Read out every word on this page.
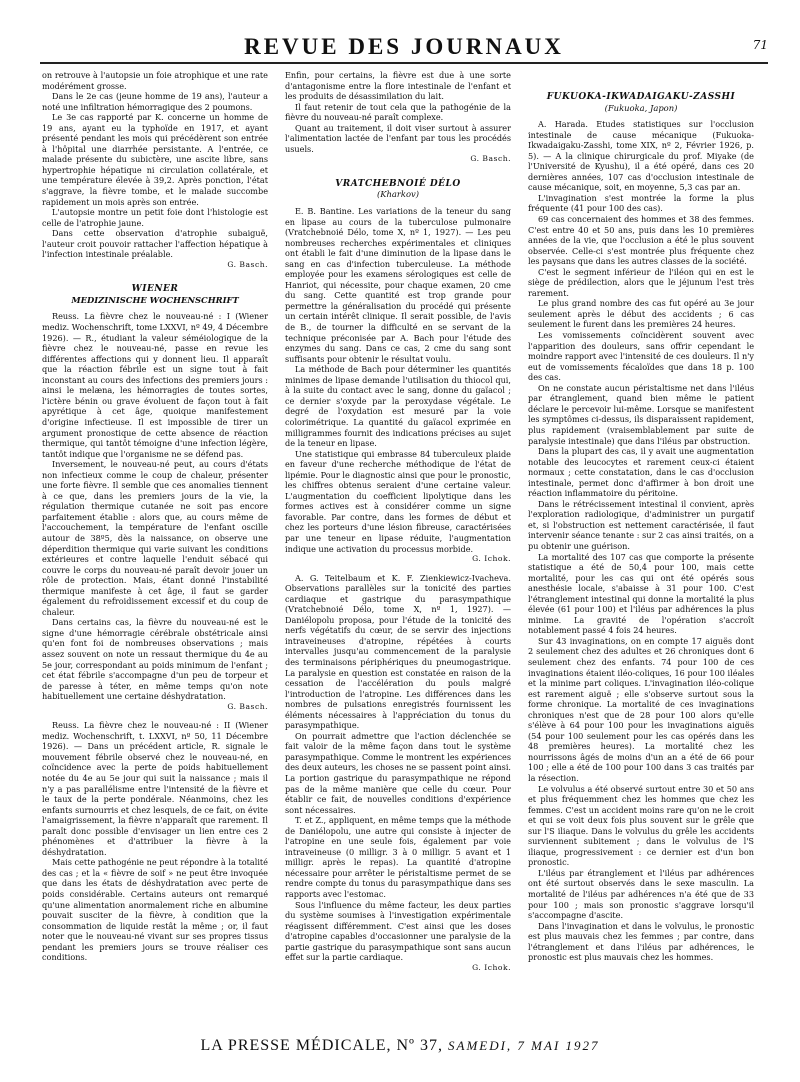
REVUE DES JOURNAUX	71

on retrouve à l'autopsie un foie atrophique et une rate modérément grosse.

Dans le 2e cas (jeune homme de 19 ans), l'auteur a noté une infiltration hémorragique des 2 poumons.

Le 3e cas rapporté par K. concerne un homme de 19 ans, ayant eu la typhoïde en 1917, et ayant présenté pendant les mois qui précédèrent son entrée à l'hôpital une diarrhée persistante. A l'entrée, ce malade présente du subictère, une ascite libre, sans hypertrophie hépatique ni circulation collatérale, et une température élevée à 39,2. Après ponction, l'état s'aggrave, la fièvre tombe, et le malade succombe rapidement un mois après son entrée.

L'autopsie montre un petit foie dont l'histologie est celle de l'atrophie jaune.

Dans cette observation d'atrophie subaiguë, l'auteur croit pouvoir rattacher l'affection hépatique à l'infection intestinale préalable.

G. Basch.
WIENER
MEDIZINISCHE WOCHENSCHRIFT

Reuss. La fièvre chez le nouveau-né : I (Wiener mediz. Wochenschrift, tome LXXVI, nº 49, 4 Décembre 1926). — R., étudiant la valeur séméiologique de la fièvre chez le nouveau-né, passe en revue les différentes affections qui y donnent lieu. Il apparaît que la réaction fébrile est un signe tout à fait inconstant au cours des infections des premiers jours : ainsi le melæna, les hémorragies de toutes sortes, l'ictère bénin ou grave évoluent de façon tout à fait apyrétique à cet âge, quoique manifestement d'origine infectieuse. Il est impossible de tirer un argument pronostique de cette absence de réaction thermique, qui tantôt témoigne d'une infection légère, tantôt indique que l'organisme ne se défend pas.

Inversement, le nouveau-né peut, au cours d'états non infectieux comme le coup de chaleur, présenter une forte fièvre. Il semble que ces anomalies tiennent à ce que, dans les premiers jours de la vie, la régulation thermique cutanée ne soit pas encore parfaitement établie : alors que, au cours même de l'accouchement, la température de l'enfant oscille autour de 38º5, dès la naissance, on observe une déperdition thermique qui varie suivant les conditions extérieures et contre laquelle l'enduit sébacé qui couvre le corps du nouveau-né paraît devoir jouer un rôle de protection. Mais, étant donné l'instabilité thermique manifeste à cet âge, il faut se garder également du refroidissement excessif et du coup de chaleur.

Dans certains cas, la fièvre du nouveau-né est le signe d'une hémorragie cérébrale obstétricale ainsi qu'en font foi de nombreuses observations ; mais assez souvent on note un ressaut thermique du 4e au 5e jour, correspondant au poids minimum de l'enfant ; cet état fébrile s'accompagne d'un peu de torpeur et de paresse à téter, en même temps qu'on note habituellement une certaine déshydratation.

G. Basch.

Reuss. La fièvre chez le nouveau-né : II (Wiener mediz. Wochenschrift, t. LXXVI, nº 50, 11 Décembre 1926). — Dans un précédent article, R. signale le mouvement fébrile observé chez le nouveau-né, en coïncidence avec la perte de poids habituellement notée du 4e au 5e jour qui suit la naissance ; mais il n'y a pas parallélisme entre l'intensité de la fièvre et le taux de la perte pondérale. Néanmoins, chez les enfants surnourris et chez lesquels, de ce fait, on évite l'amaigrissement, la fièvre n'apparaît que rarement. Il paraît donc possible d'envisager un lien entre ces 2 phénomènes et d'attribuer la fièvre à la déshydratation.

Mais cette pathogénie ne peut répondre à la totalité des cas ; et la « fièvre de soif » ne peut être invoquée que dans les états de déshydratation avec perte de poids considérable. Certains auteurs ont remarqué qu'une alimentation anormalement riche en albumine pouvait susciter de la fièvre, à condition que la consommation de liquide restât la même ; or, il faut noter que le nouveau-né vivant sur ses propres tissus pendant les premiers jours se trouve réaliser ces conditions.

Enfin, pour certains, la fièvre est due à une sorte d'antagonisme entre la flore intestinale de l'enfant et les produits de désassimilation du lait.

Il faut retenir de tout cela que la pathogénie de la fièvre du nouveau-né paraît complexe.

Quant au traitement, il doit viser surtout à assurer l'alimentation lactée de l'enfant par tous les procédés usuels.

G. Basch.
VRATCHEBNOIÉ DÉLO
(Kharkov)

E. B. Bantine. Les variations de la teneur du sang en lipase au cours de la tuberculose pulmonaire (Vratchebnoié Délo, tome X, nº 1, 1927). — Les peu nombreuses recherches expérimentales et cliniques ont établi le fait d'une diminution de la lipase dans le sang en cas d'infection tuberculeuse. La méthode employée pour les examens sérologiques est celle de Hanriot, qui nécessite, pour chaque examen, 20 cme du sang. Cette quantité est trop grande pour permettre la généralisation du procédé qui présente un certain intérêt clinique. Il serait possible, de l'avis de B., de tourner la difficulté en se servant de la technique préconisée par A. Bach pour l'étude des enzymes du sang. Dans ce cas, 2 cme du sang sont suffisants pour obtenir le résultat voulu.

La méthode de Bach pour déterminer les quantités minimes de lipase demande l'utilisation du thiocol qui, à la suite du contact avec le sang, donne du gaïacol ; ce dernier s'oxyde par la peroxydase végétale. Le degré de l'oxydation est mesuré par la voie colorimétrique. La quantité du gaïacol exprimée en milligrammes fournit des indications précises au sujet de la teneur en lipase.

Une statistique qui embrasse 84 tuberculeux plaide en faveur d'une recherche méthodique de l'état de lipémie. Pour le diagnostic ainsi que pour le pronostic, les chiffres obtenus seraient d'une certaine valeur. L'augmentation du coefficient lipolytique dans les formes actives est à considérer comme un signe favorable. Par contre, dans les formes de début et chez les porteurs d'une lésion fibreuse, caractérisées par une teneur en lipase réduite, l'augmentation indique une activation du processus morbide.

G. Ichok.

A. G. Teitelbaum et K. F. Zienkiewicz-Ivacheva. Observations parallèles sur la tonicité des parties cardiaque et gastrique du parasympathique (Vratchebnoié Délo, tome X, nº 1, 1927). — Daniélopolu proposa, pour l'étude de la tonicité des nerfs végétatifs du cœur, de se servir des injections intraveineuses d'atropine, répétées à courts intervalles jusqu'au commencement de la paralysie des terminaisons périphériques du pneumogastrique. La paralysie en question est constatée en raison de la cessation de l'accélération du pouls malgré l'introduction de l'atropine. Les différences dans les nombres de pulsations enregistrés fournissent les éléments nécessaires à l'appréciation du tonus du parasympathique.

On pourrait admettre que l'action déclenchée se fait valoir de la même façon dans tout le système parasympathique. Comme le montrent les expériences des deux auteurs, les choses ne se passent point ainsi. La portion gastrique du parasympathique ne répond pas de la même manière que celle du cœur. Pour établir ce fait, de nouvelles conditions d'expérience sont nécessaires.

T. et Z., appliquent, en même temps que la méthode de Daniélopolu, une autre qui consiste à injecter de l'atropine en une seule fois, également par voie intraveineuse (0 milligr. 3 à 0 milligr. 5 avant et 1 milligr. après le repas). La quantité d'atropine nécessaire pour arrêter le péristaltisme permet de se rendre compte du tonus du parasympathique dans ses rapports avec l'estomac.

Sous l'influence du même facteur, les deux parties du système soumises à l'investigation expérimentale réagissent différemment. C'est ainsi que les doses d'atropine capables d'occasionner une paralysie de la partie gastrique du parasympathique sont sans aucun effet sur la partie cardiaque.

G. Ichok.
FUKUOKA-IKWADAIGAKU-ZASSHI
(Fukuoka, Japon)

A. Harada. Etudes statistiques sur l'occlusion intestinale de cause mécanique (Fukuoka-Ikwadaigaku-Zasshi, tome XIX, nº 2, Février 1926, p. 5). — A la clinique chirurgicale du prof. Miyake (de l'Université de Kyushu), il a été opéré, dans ces 20 dernières années, 107 cas d'occlusion intestinale de cause mécanique, soit, en moyenne, 5,3 cas par an.

L'invagination s'est montrée la forme la plus fréquente (41 pour 100 des cas).

69 cas concernaient des hommes et 38 des femmes. C'est entre 40 et 50 ans, puis dans les 10 premières années de la vie, que l'occlusion a été le plus souvent observée. Celle-ci s'est montrée plus fréquente chez les paysans que dans les autres classes de la société.

C'est le segment inférieur de l'iléon qui en est le siège de prédilection, alors que le jéjunum l'est très rarement.

Le plus grand nombre des cas fut opéré au 3e jour seulement après le début des accidents ; 6 cas seulement le furent dans les premières 24 heures.

Les vomissements coïncidèrent souvent avec l'apparition des douleurs, sans offrir cependant le moindre rapport avec l'intensité de ces douleurs. Il n'y eut de vomissements fécaloïdes que dans 18 p. 100 des cas.

On ne constate aucun péristaltisme net dans l'iléus par étranglement, quand bien même le patient déclare le percevoir lui-même. Lorsque se manifestent les symptômes ci-dessus, ils disparaissent rapidement, plus rapidement (vraisemblablement par suite de paralysie intestinale) que dans l'iléus par obstruction.

Dans la plupart des cas, il y avait une augmentation notable des leucocytes et rarement ceux-ci étaient normaux ; cette constatation, dans le cas d'occlusion intestinale, permet donc d'affirmer à bon droit une réaction inflammatoire du péritoine.

Dans le rétrécissement intestinal il convient, après l'exploration radiologique, d'administrer un purgatif et, si l'obstruction est nettement caractérisée, il faut intervenir séance tenante : sur 2 cas ainsi traités, on a pu obtenir une guérison.

La mortalité des 107 cas que comporte la présente statistique a été de 50,4 pour 100, mais cette mortalité, pour les cas qui ont été opérés sous anesthésie locale, s'abaisse à 31 pour 100. C'est l'étranglement intestinal qui donne la mortalité la plus élevée (61 pour 100) et l'iléus par adhérences la plus minime. La gravité de l'opération s'accroît notablement passé 4 fois 24 heures.

Sur 43 invaginations, on en compte 17 aiguës dont 2 seulement chez des adultes et 26 chroniques dont 6 seulement chez des enfants. 74 pour 100 de ces invaginations étaient iléo-coliques, 16 pour 100 iléales et la minime part coliques. L'invagination iléo-colique est rarement aiguë ; elle s'observe surtout sous la forme chronique. La mortalité de ces invaginations chroniques n'est que de 28 pour 100 alors qu'elle s'élève à 64 pour 100 pour les invaginations aiguës (54 pour 100 seulement pour les cas opérés dans les 48 premières heures). La mortalité chez les nourrissons âgés de moins d'un an a été de 66 pour 100 ; elle a été de 100 pour 100 dans 3 cas traités par la résection.

Le volvulus a été observé surtout entre 30 et 50 ans et plus fréquemment chez les hommes que chez les femmes. C'est un accident moins rare qu'on ne le croit et qui se voit deux fois plus souvent sur le grêle que sur l'S iliaque. Dans le volvulus du grêle les accidents surviennent subitement ; dans le volvulus de l'S iliaque, progressivement : ce dernier est d'un bon pronostic.

L'iléus par étranglement et l'iléus par adhérences ont été surtout observés dans le sexe masculin. La mortalité de l'iléus par adhérences n'a été que de 33 pour 100 ; mais son pronostic s'aggrave lorsqu'il s'accompagne d'ascite.

Dans l'invagination et dans le volvulus, le pronostic est plus mauvais chez les femmes ; par contre, dans l'étranglement et dans l'iléus par adhérences, le pronostic est plus mauvais chez les hommes.

LA PRESSE MÉDICALE, Nº 37, SAMEDI, 7 MAI 1927
